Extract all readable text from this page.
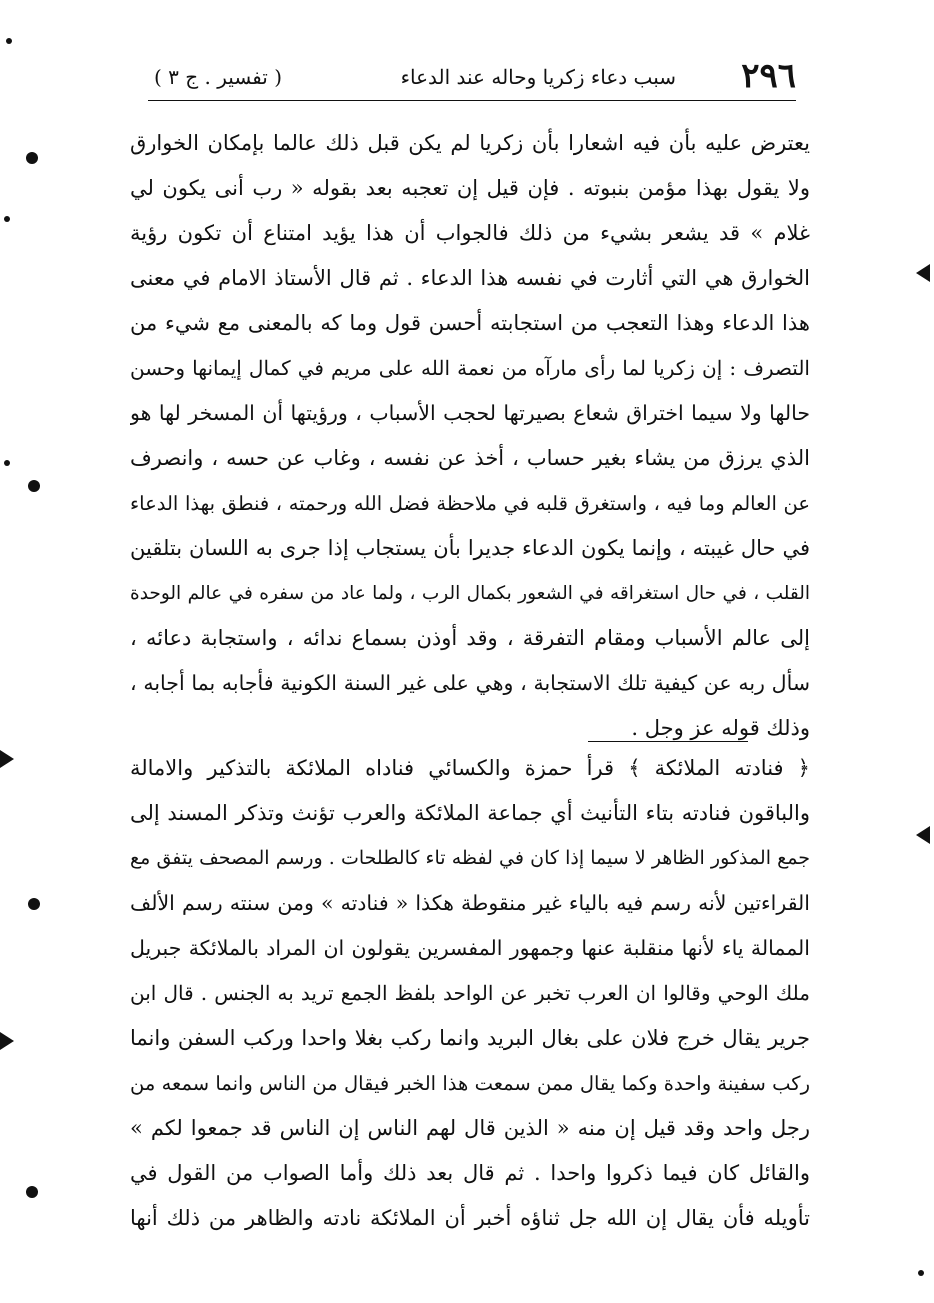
٢٩٦
سبب دعاء زكريا وحاله عند الدعاء
( تفسير . ج ٣ )
يعترض عليه بأن فيه اشعارا بأن زكريا لم يكن قبل ذلك عالما بإمكان الخوارق
ولا يقول بهذا مؤمن بنبوته . فإن قيل إن تعجبه بعد بقوله « رب أنى يكون لي
غلام » قد يشعر بشيء من ذلك فالجواب أن هذا يؤيد امتناع أن تكون رؤية
الخوارق هي التي أثارت في نفسه هذا الدعاء . ثم قال الأستاذ الامام في معنى
هذا الدعاء وهذا التعجب من استجابته أحسن قول وما كه بالمعنى مع شيء من
التصرف : إن زكريا لما رأى مارآه من نعمة الله على مريم في كمال إيمانها وحسن
حالها ولا سيما اختراق شعاع بصيرتها لحجب الأسباب ، ورؤيتها أن المسخر لها هو
الذي يرزق من يشاء بغير حساب ، أخذ عن نفسه ، وغاب عن حسه ، وانصرف
عن العالم وما فيه ، واستغرق قلبه في ملاحظة فضل الله ورحمته ، فنطق بهذا الدعاء
في حال غيبته ، وإنما يكون الدعاء جديرا بأن يستجاب إذا جرى به اللسان بتلقين
القلب ، في حال استغراقه في الشعور بكمال الرب ، ولما عاد من سفره في عالم الوحدة
إلى عالم الأسباب ومقام التفرقة ، وقد أوذن بسماع ندائه ، واستجابة دعائه ،
سأل ربه عن كيفية تلك الاستجابة ، وهي على غير السنة الكونية فأجابه بما أجابه ،
وذلك قوله عز وجل .
﴿ فنادته الملائكة ﴾ قرأ حمزة والكسائي فناداه الملائكة بالتذكير والامالة
والباقون فنادته بتاء التأنيث أي جماعة الملائكة والعرب تؤنث وتذكر المسند إلى
جمع المذكور الظاهر لا سيما إذا كان في لفظه تاء كالطلحات . ورسم المصحف يتفق مع
القراءتين لأنه رسم فيه بالياء غير منقوطة هكذا « فنادته » ومن سنته رسم الألف
الممالة ياء لأنها منقلبة عنها وجمهور المفسرين يقولون ان المراد بالملائكة جبريل
ملك الوحي وقالوا ان العرب تخبر عن الواحد بلفظ الجمع تريد به الجنس . قال ابن
جرير يقال خرج فلان على بغال البريد وانما ركب بغلا واحدا وركب السفن وانما
ركب سفينة واحدة وكما يقال ممن سمعت هذا الخبر فيقال من الناس وانما سمعه من
رجل واحد وقد قيل إن منه « الذين قال لهم الناس إن الناس قد جمعوا لكم »
والقائل كان فيما ذكروا واحدا . ثم قال بعد ذلك وأما الصواب من القول في
تأويله فأن يقال إن الله جل ثناؤه أخبر أن الملائكة نادته والظاهر من ذلك أنها
